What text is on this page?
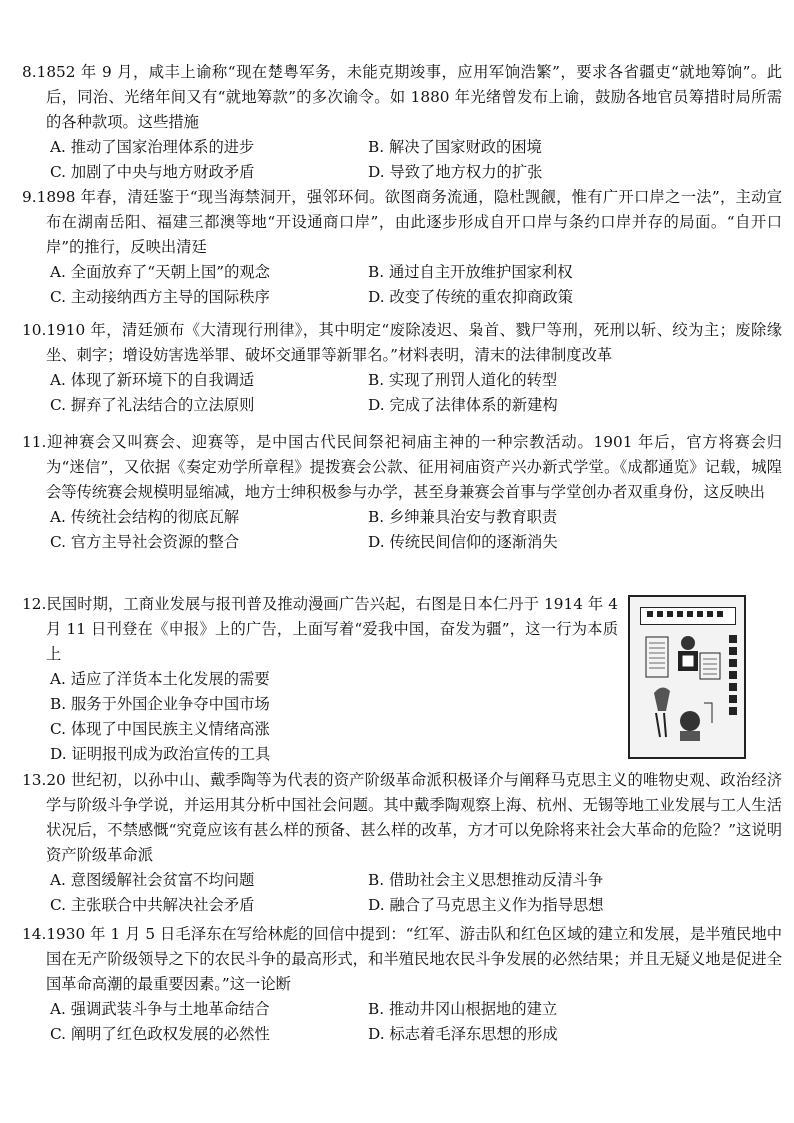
8.1852 年 9 月，咸丰上谕称“现在楚粤军务，未能克期竣事，应用军饷浩繁”，要求各省疆吏“就地筹饷”。此后，同治、光绪年间又有“就地筹款”的多次谕令。如 1880 年光绪曾发布上谕，鼓励各地官员筹措时局所需的各种款项。这些措施

A. 推动了国家治理体系的进步	B. 解决了国家财政的困境
C. 加剧了中央与地方财政矛盾	D. 导致了地方权力的扩张

9.1898 年春，清廷鉴于“现当海禁洞开，强邻环伺。欲图商务流通，隐杜觊觎，惟有广开口岸之一法”，主动宣布在湖南岳阳、福建三都澳等地“开设通商口岸”，由此逐步形成自开口岸与条约口岸并存的局面。“自开口岸”的推行，反映出清廷

A. 全面放弃了“天朝上国”的观念	B. 通过自主开放维护国家利权
C. 主动接纳西方主导的国际秩序	D. 改变了传统的重农抑商政策

10.1910 年，清廷颁布《大清现行刑律》，其中明定“废除凌迟、枭首、戮尸等刑，死刑以斩、绞为主；废除缘坐、刺字；增设妨害选举罪、破坏交通罪等新罪名。”材料表明，清末的法律制度改革

A. 体现了新环境下的自我调适	B. 实现了刑罚人道化的转型
C. 摒弃了礼法结合的立法原则	D. 完成了法律体系的新建构

11.迎神赛会又叫赛会、迎赛等，是中国古代民间祭祀祠庙主神的一种宗教活动。1901 年后，官方将赛会归为“迷信”，又依据《奏定劝学所章程》提拨赛会公款、征用祠庙资产兴办新式学堂。《成都通览》记载，城隍会等传统赛会规模明显缩减，地方士绅积极参与办学，甚至身兼赛会首事与学堂创办者双重身份，这反映出

A. 传统社会结构的彻底瓦解	B. 乡绅兼具治安与教育职责
C. 官方主导社会资源的整合	D. 传统民间信仰的逐渐消失

12.民国时期，工商业发展与报刊普及推动漫画广告兴起，右图是日本仁丹于 1914 年 4 月 11 日刊登在《申报》上的广告，上面写着“爱我中国，奋发为疆”，这一行为本质上

A. 适应了洋货本土化发展的需要
B. 服务于外国企业争夺中国市场
C. 体现了中国民族主义情绪高涨
D. 证明报刊成为政治宣传的工具

13.20 世纪初，以孙中山、戴季陶等为代表的资产阶级革命派积极译介与阐释马克思主义的唯物史观、政治经济学与阶级斗争学说，并运用其分析中国社会问题。其中戴季陶观察上海、杭州、无锡等地工业发展与工人生活状况后，不禁感慨“究竟应该有甚么样的预备、甚么样的改革，方才可以免除将来社会大革命的危险？”这说明资产阶级革命派

A. 意图缓解社会贫富不均问题	B. 借助社会主义思想推动反清斗争
C. 主张联合中共解决社会矛盾	D. 融合了马克思主义作为指导思想

14.1930 年 1 月 5 日毛泽东在写给林彪的回信中提到：“红军、游击队和红色区域的建立和发展，是半殖民地中国在无产阶级领导之下的农民斗争的最高形式，和半殖民地农民斗争发展的必然结果；并且无疑义地是促进全国革命高潮的最重要因素。”这一论断

A. 强调武装斗争与土地革命结合	B. 推动井冈山根据地的建立
C. 阐明了红色政权发展的必然性	D. 标志着毛泽东思想的形成
